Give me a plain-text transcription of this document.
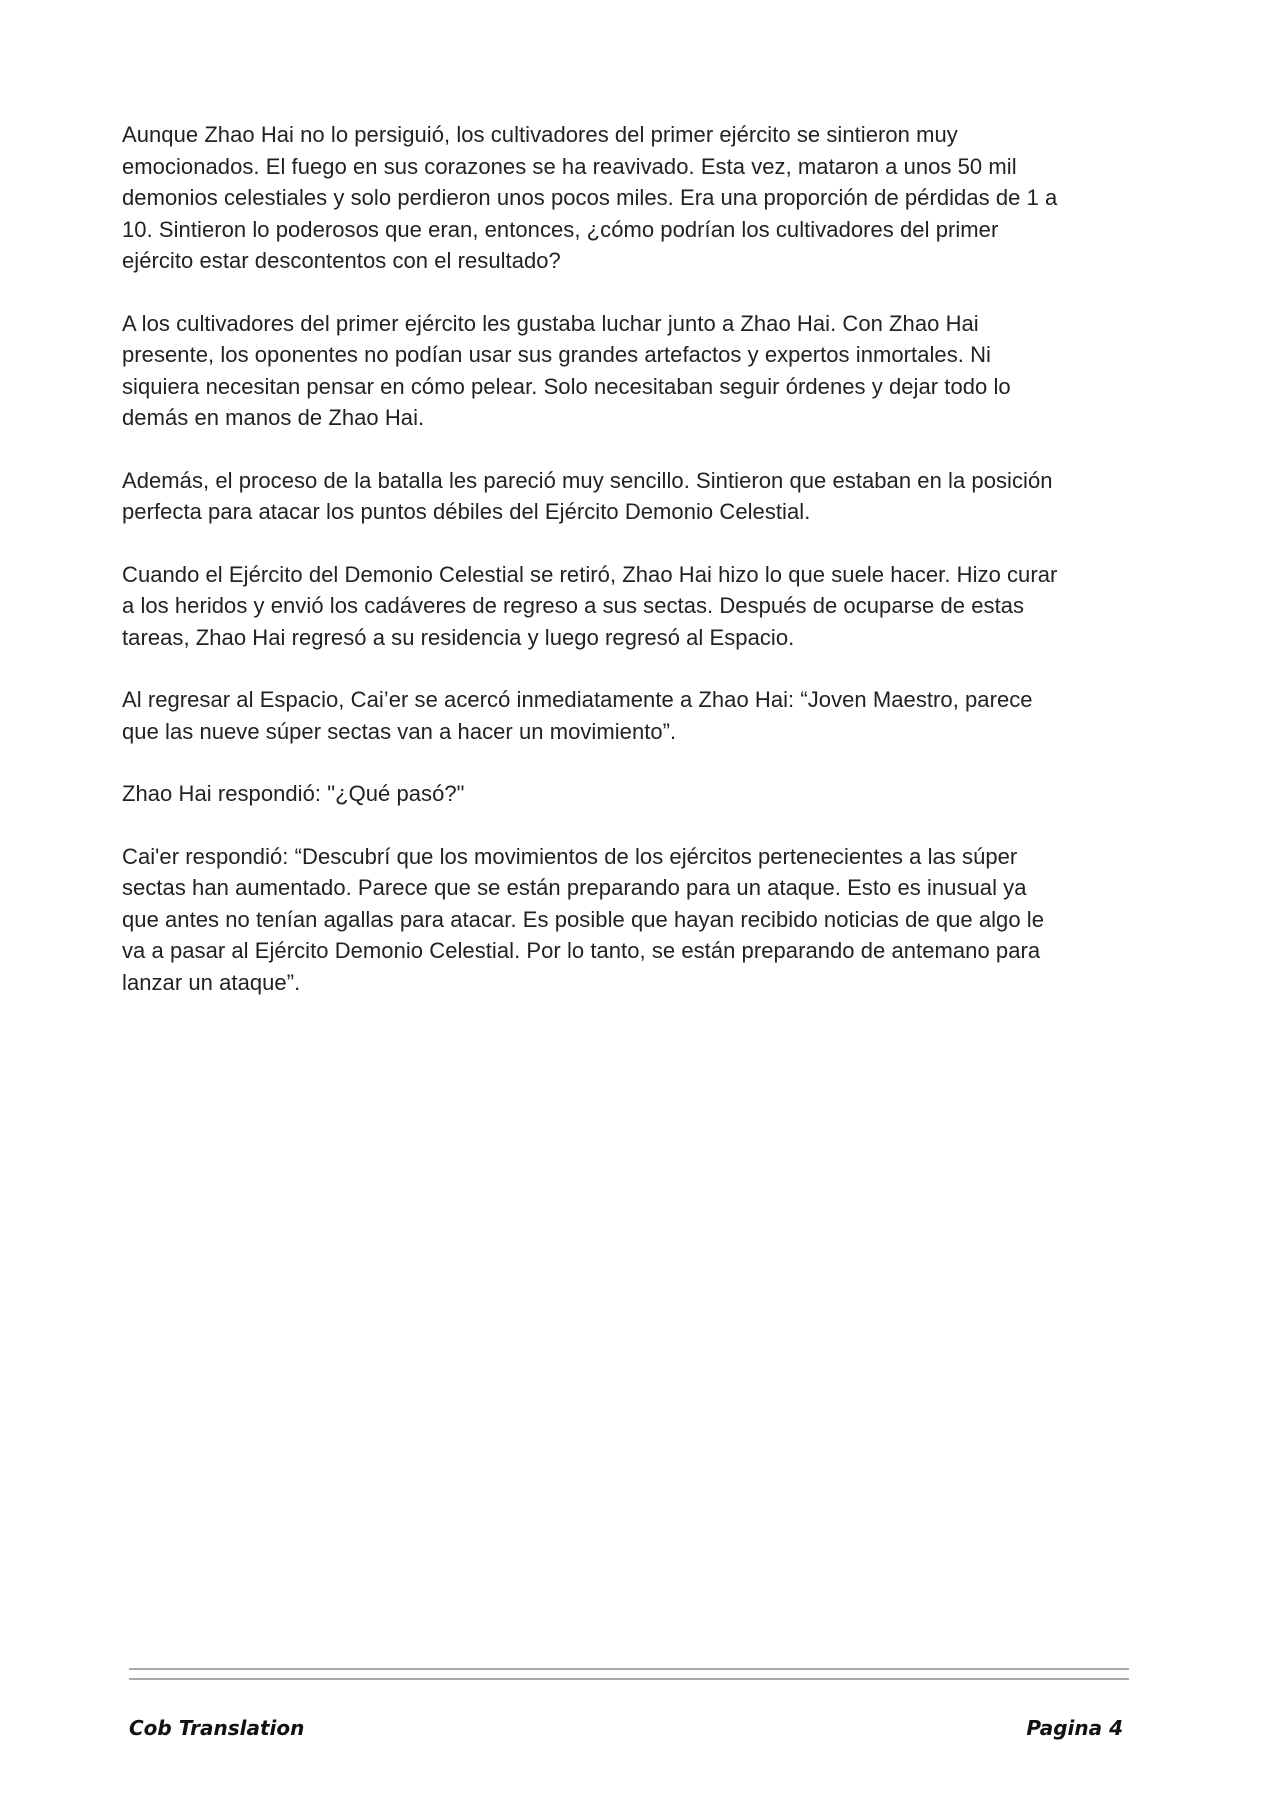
Aunque Zhao Hai no lo persiguió, los cultivadores del primer ejército se sintieron muy
emocionados. El fuego en sus corazones se ha reavivado. Esta vez, mataron a unos 50 mil
demonios celestiales y solo perdieron unos pocos miles. Era una proporción de pérdidas de 1 a
10. Sintieron lo poderosos que eran, entonces, ¿cómo podrían los cultivadores del primer
ejército estar descontentos con el resultado?

A los cultivadores del primer ejército les gustaba luchar junto a Zhao Hai. Con Zhao Hai
presente, los oponentes no podían usar sus grandes artefactos y expertos inmortales. Ni
siquiera necesitan pensar en cómo pelear. Solo necesitaban seguir órdenes y dejar todo lo
demás en manos de Zhao Hai.

Además, el proceso de la batalla les pareció muy sencillo. Sintieron que estaban en la posición
perfecta para atacar los puntos débiles del Ejército Demonio Celestial.

Cuando el Ejército del Demonio Celestial se retiró, Zhao Hai hizo lo que suele hacer. Hizo curar
a los heridos y envió los cadáveres de regreso a sus sectas. Después de ocuparse de estas
tareas, Zhao Hai regresó a su residencia y luego regresó al Espacio.

Al regresar al Espacio, Cai’er se acercó inmediatamente a Zhao Hai: “Joven Maestro, parece
que las nueve súper sectas van a hacer un movimiento”.

Zhao Hai respondió: "¿Qué pasó?"

Cai'er respondió: “Descubrí que los movimientos de los ejércitos pertenecientes a las súper
sectas han aumentado. Parece que se están preparando para un ataque. Esto es inusual ya
que antes no tenían agallas para atacar. Es posible que hayan recibido noticias de que algo le
va a pasar al Ejército Demonio Celestial. Por lo tanto, se están preparando de antemano para
lanzar un ataque”.

Cob Translation	Pagina 4
